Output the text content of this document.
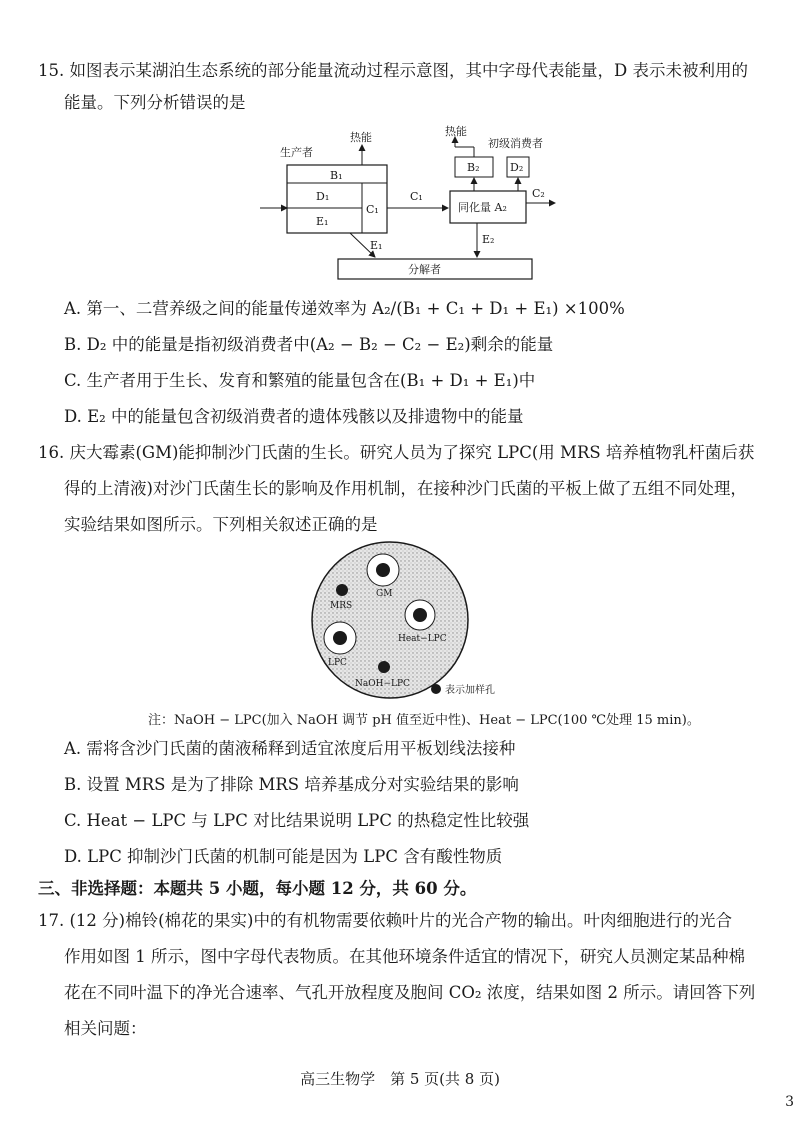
15. 如图表示某湖泊生态系统的部分能量流动过程示意图，其中字母代表能量，D 表示未被利用的
能量。下列分析错误的是
生产者
B₁
D₁
E₁
C₁
热能
C₁
同化量 A₂
B₂	D₂
热能
初级消费者
C₂
分解者
E₁	E₂
A. 第一、二营养级之间的能量传递效率为 A₂/(B₁ + C₁ + D₁ + E₁) ×100%
B. D₂ 中的能量是指初级消费者中(A₂ − B₂ − C₂ − E₂)剩余的能量
C. 生产者用于生长、发育和繁殖的能量包含在(B₁ + D₁ + E₁)中
D. E₂ 中的能量包含初级消费者的遗体残骸以及排遗物中的能量
16. 庆大霉素(GM)能抑制沙门氏菌的生长。研究人员为了探究 LPC(用 MRS 培养植物乳杆菌后获
得的上清液)对沙门氏菌生长的影响及作用机制，在接种沙门氏菌的平板上做了五组不同处理，
实验结果如图所示。下列相关叙述正确的是
GM
MRS
Heat−LPC
LPC
NaOH−LPC
表示加样孔
注：NaOH − LPC(加入 NaOH 调节 pH 值至近中性)、Heat − LPC(100 ℃处理 15 min)。
A. 需将含沙门氏菌的菌液稀释到适宜浓度后用平板划线法接种
B. 设置 MRS 是为了排除 MRS 培养基成分对实验结果的影响
C. Heat − LPC 与 LPC 对比结果说明 LPC 的热稳定性比较强
D. LPC 抑制沙门氏菌的机制可能是因为 LPC 含有酸性物质
三、非选择题：本题共 5 小题，每小题 12 分，共 60 分。
17. (12 分)棉铃(棉花的果实)中的有机物需要依赖叶片的光合产物的输出。叶肉细胞进行的光合
作用如图 1 所示，图中字母代表物质。在其他环境条件适宜的情况下，研究人员测定某品种棉
花在不同叶温下的净光合速率、气孔开放程度及胞间 CO₂ 浓度，结果如图 2 所示。请回答下列
相关问题：
高三生物学　第 5 页(共 8 页)
3
